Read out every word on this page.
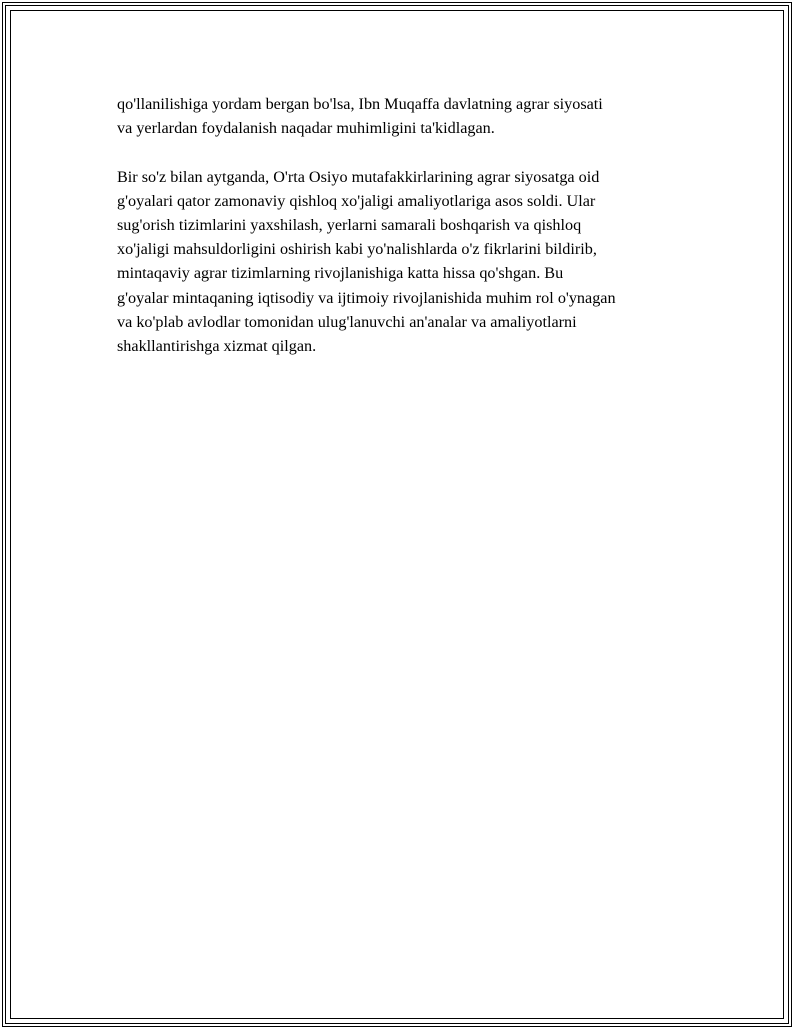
qo'llanilishiga yordam bergan bo'lsa, Ibn Muqaffa davlatning agrar siyosati
va yerlardan foydalanish naqadar muhimligini ta'kidlagan.

Bir so'z bilan aytganda, O'rta Osiyo mutafakkirlarining agrar siyosatga oid
g'oyalari qator zamonaviy qishloq xo'jaligi amaliyotlariga asos soldi. Ular
sug'orish tizimlarini yaxshilash, yerlarni samarali boshqarish va qishloq
xo'jaligi mahsuldorligini oshirish kabi yo'nalishlarda o'z fikrlarini bildirib,
mintaqaviy agrar tizimlarning rivojlanishiga katta hissa qo'shgan. Bu
g'oyalar mintaqaning iqtisodiy va ijtimoiy rivojlanishida muhim rol o'ynagan
va ko'plab avlodlar tomonidan ulug'lanuvchi an'analar va amaliyotlarni
shakllantirishga xizmat qilgan.
